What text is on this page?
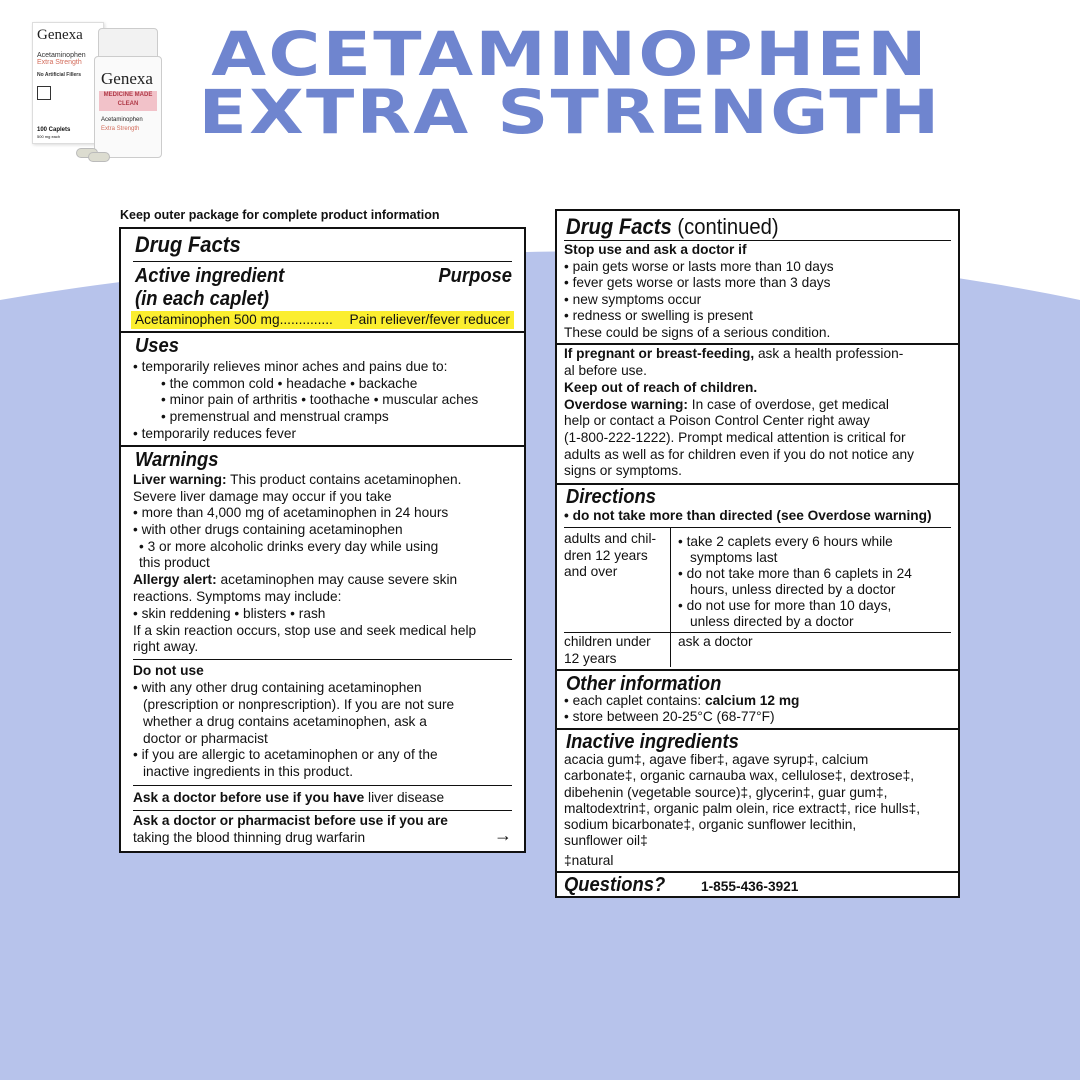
Genexa
Acetaminophen
Extra Strength
No Artificial Fillers
100 Caplets
500 mg each
Genexa
MEDICINE MADE CLEAN
Acetaminophen
Extra Strength
ACETAMINOPHEN
EXTRA STRENGTH
Keep outer package for complete product information
Drug Facts
Active ingredient
(in each caplet)
Purpose
Acetaminophen 500 mg.............. Pain reliever/fever reducer
Uses
• temporarily relieves minor aches and pains due to:
• the common cold • headache • backache
• minor pain of arthritis • toothache • muscular aches
• premenstrual and menstrual cramps
• temporarily reduces fever
Warnings
Liver warning: This product contains acetaminophen.
Severe liver damage may occur if you take
• more than 4,000 mg of acetaminophen in 24 hours
• with other drugs containing acetaminophen
• 3 or more alcoholic drinks every day while using
this product
Allergy alert: acetaminophen may cause severe skin
reactions. Symptoms may include:
• skin reddening • blisters • rash
If a skin reaction occurs, stop use and seek medical help
right away.
Do not use
• with any other drug containing acetaminophen
(prescription or nonprescription). If you are not sure
whether a drug contains acetaminophen, ask a
doctor or pharmacist
• if you are allergic to acetaminophen or any of the
inactive ingredients in this product.
Ask a doctor before use if you have liver disease
Ask a doctor or pharmacist before use if you are
taking the blood thinning drug warfarin	→
Drug Facts (continued)
Stop use and ask a doctor if
• pain gets worse or lasts more than 10 days
• fever gets worse or lasts more than 3 days
• new symptoms occur
• redness or swelling is present
These could be signs of a serious condition.
If pregnant or breast-feeding, ask a health profession-
al before use.
Keep out of reach of children.
Overdose warning: In case of overdose, get medical
help or contact a Poison Control Center right away
(1-800-222-1222). Prompt medical attention is critical for
adults as well as for children even if you do not notice any
signs or symptoms.
Directions
• do not take more than directed (see Overdose warning)
adults and chil-
dren 12 years
and over
• take 2 caplets every 6 hours while
symptoms last
• do not take more than 6 caplets in 24
hours, unless directed by a doctor
• do not use for more than 10 days,
unless directed by a doctor
children under
12 years
ask a doctor
Other information
• each caplet contains: calcium 12 mg
• store between 20-25°C (68-77°F)
Inactive ingredients
acacia gum‡, agave fiber‡, agave syrup‡, calcium
carbonate‡, organic carnauba wax, cellulose‡, dextrose‡,
dibehenin (vegetable source)‡, glycerin‡, guar gum‡,
maltodextrin‡, organic palm olein, rice extract‡, rice hulls‡,
sodium bicarbonate‡, organic sunflower lecithin,
sunflower oil‡
‡natural
Questions?	1-855-436-3921
